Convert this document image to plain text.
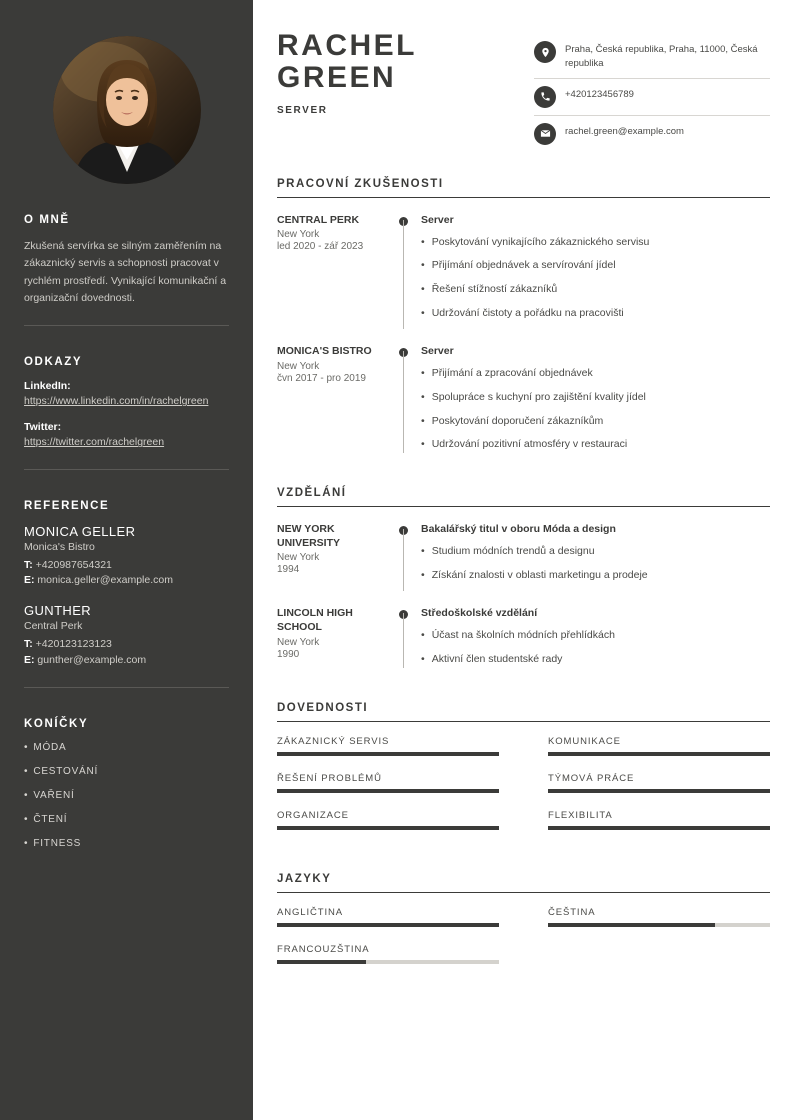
O MNĚ
Zkušená servírka se silným zaměřením na zákaznický servis a schopnosti pracovat v rychlém prostředí. Vynikající komunikační a organizační dovednosti.
ODKAZY
LinkedIn:
https://www.linkedin.com/in/rachelgreen
Twitter:
https://twitter.com/rachelgreen
REFERENCE
MONICA GELLER
Monica's Bistro
T: +420987654321
E: monica.geller@example.com
GUNTHER
Central Perk
T: +420123123123
E: gunther@example.com
KONÍČKY
• MÓDA
• CESTOVÁNÍ
• VAŘENÍ
• ČTENÍ
• FITNESS
RACHEL
GREEN
SERVER
Praha, Česká republika, Praha, 11000, Česká republika
+420123456789
rachel.green@example.com
PRACOVNÍ ZKUŠENOSTI
CENTRAL PERK
New York
led 2020 - zář 2023
Server
• Poskytování vynikajícího zákaznického servisu
• Přijímání objednávek a servírování jídel
• Řešení stížností zákazníků
• Udržování čistoty a pořádku na pracovišti
MONICA'S BISTRO
New York
čvn 2017 - pro 2019
Server
• Přijímání a zpracování objednávek
• Spolupráce s kuchyní pro zajištění kvality jídel
• Poskytování doporučení zákazníkům
• Udržování pozitivní atmosféry v restauraci
VZDĚLÁNÍ
NEW YORK UNIVERSITY
New York
1994
Bakalářský titul v oboru Móda a design
• Studium módních trendů a designu
• Získání znalosti v oblasti marketingu a prodeje
LINCOLN HIGH SCHOOL
New York
1990
Středoškolské vzdělání
• Účast na školních módních přehlídkách
• Aktivní člen studentské rady
DOVEDNOSTI
ZÁKAZNICKÝ SERVIS	KOMUNIKACE
ŘEŠENÍ PROBLÉMŮ	TÝMOVÁ PRÁCE
ORGANIZACE	FLEXIBILITA
JAZYKY
ANGLIČTINA	ČEŠTINA
FRANCOUZŠTINA
